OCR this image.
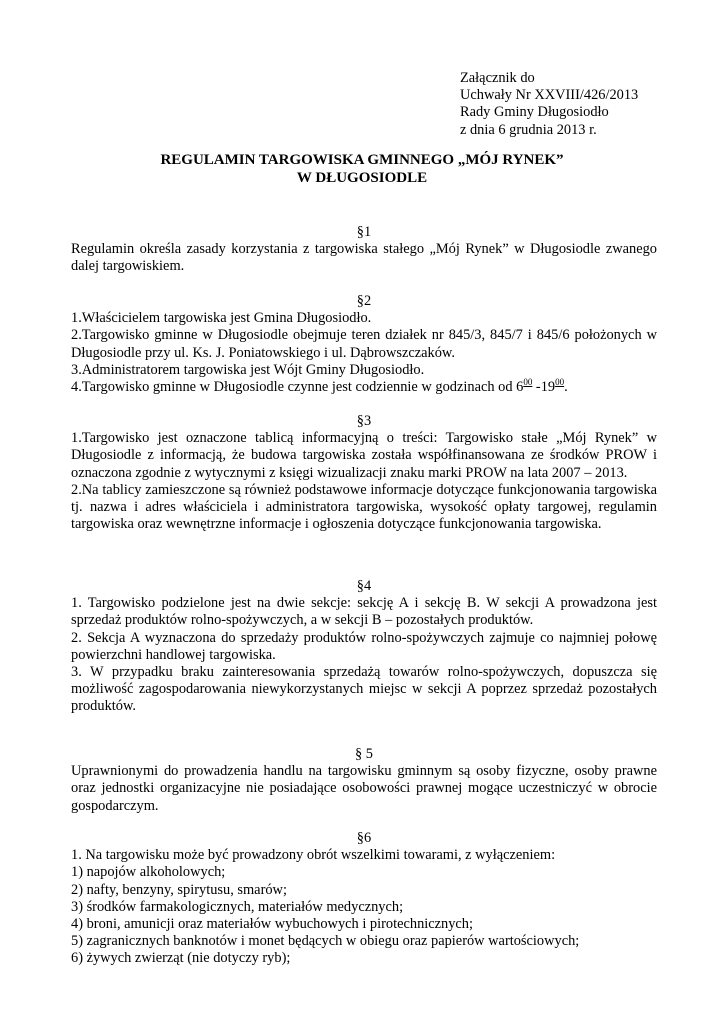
Załącznik do
Uchwały Nr XXVIII/426/2013
Rady Gminy Długosiodło
z dnia 6 grudnia 2013 r.
REGULAMIN TARGOWISKA GMINNEGO „MÓJ RYNEK”
W DŁUGOSIODLE
§1
Regulamin określa zasady korzystania z targowiska stałego „Mój Rynek” w Długosiodle zwanego dalej targowiskiem.
§2
1.Właścicielem targowiska jest Gmina Długosiodło.
2.Targowisko gminne w Długosiodle obejmuje teren działek nr 845/3, 845/7 i 845/6 położonych w Długosiodle przy ul. Ks. J. Poniatowskiego i ul. Dąbrowszczaków.
3.Administratorem targowiska jest Wójt Gminy Długosiodło.
4.Targowisko gminne w Długosiodle czynne jest codziennie w godzinach od $6^{00}$ $-19^{00}$.
§3
1.Targowisko jest oznaczone tablicą informacyjną o treści: Targowisko stałe „Mój Rynek” w Długosiodle z informacją, że budowa targowiska została współfinansowana ze środków PROW i oznaczona zgodnie z wytycznymi z księgi wizualizacji znaku marki PROW na lata 2007 – 2013.
2.Na tablicy zamieszczone są również podstawowe informacje dotyczące funkcjonowania targowiska tj. nazwa i adres właściciela i administratora targowiska, wysokość opłaty targowej, regulamin targowiska oraz wewnętrzne informacje i ogłoszenia dotyczące funkcjonowania targowiska.
§4
1. Targowisko podzielone jest na dwie sekcje: sekcję A i sekcję B. W sekcji A prowadzona jest sprzedaż produktów rolno-spożywczych, a w sekcji B – pozostałych produktów.
2. Sekcja A wyznaczona do sprzedaży produktów rolno-spożywczych zajmuje co najmniej połowę powierzchni handlowej targowiska.
3. W przypadku braku zainteresowania sprzedażą towarów rolno-spożywczych, dopuszcza się możliwość zagospodarowania niewykorzystanych miejsc w sekcji A poprzez sprzedaż pozostałych produktów.
§ 5
Uprawnionymi do prowadzenia handlu na targowisku gminnym są osoby fizyczne, osoby prawne oraz jednostki organizacyjne nie posiadające osobowości prawnej mogące uczestniczyć w obrocie gospodarczym.
§6
1. Na targowisku może być prowadzony obrót wszelkimi towarami, z wyłączeniem:
1) napojów alkoholowych;
2) nafty, benzyny, spirytusu, smarów;
3) środków farmakologicznych, materiałów medycznych;
4) broni, amunicji oraz materiałów wybuchowych i pirotechnicznych;
5) zagranicznych banknotów i monet będących w obiegu oraz papierów wartościowych;
6) żywych zwierząt (nie dotyczy ryb);
